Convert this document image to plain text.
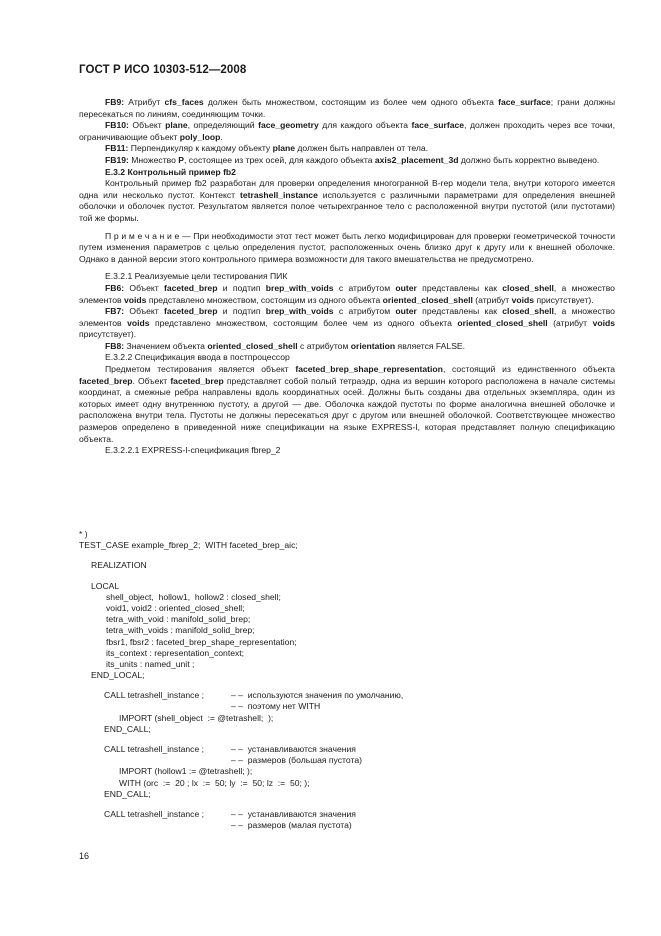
ГОСТ Р ИСО 10303-512—2008

FB9: Атрибут cfs_faces должен быть множеством, состоящим из более чем одного объекта face_surface; грани должны пересекаться по линиям, соединяющим точки.

FB10: Объект plane, определяющий face_geometry для каждого объекта face_surface, должен проходить через все точки, ограничивающие объект poly_loop.

FB11: Перпендикуляр к каждому объекту plane должен быть направлен от тела.

FB19: Множество P, состоящее из трех осей, для каждого объекта axis2_placement_3d должно быть корректно выведено.

Е.3.2 Контрольный пример fb2

Контрольный пример fb2 разработан для проверки определения многогранной B-rep модели тела, внутри которого имеется одна или несколько пустот. Контекст tetrashell_instance используется с различными параметрами для определения внешней оболочки и оболочек пустот. Результатом является полое четырехгранное тело с расположенной внутри пустотой (или пустотами) той же формы.

П р и м е ч а н и е — При необходимости этот тест может быть легко модифицирован для проверки геометрической точности путем изменения параметров с целью определения пустот, расположенных очень близко друг к другу или к внешней оболочке. Однако в данной версии этого контрольного примера возможности для такого вмешательства не предусмотрено.

Е.3.2.1 Реализуемые цели тестирования ПИК

FB6: Объект faceted_brep и подтип brep_with_voids с атрибутом outer представлены как closed_shell, а множество элементов voids представлено множеством, состоящим из одного объекта oriented_closed_shell (атрибут voids присутствует).

FB7: Объект faceted_brep и подтип brep_with_voids с атрибутом outer представлены как closed_shell, а множество элементов voids представлено множеством, состоящим более чем из одного объекта oriented_closed_shell (атрибут voids присутствует).

FB8: Значением объекта oriented_closed_shell с атрибутом orientation является FALSE.

Е.3.2.2 Спецификация ввода в постпроцессор

Предметом тестирования является объект faceted_brep_shape_representation, состоящий из единственного объекта faceted_brep. Объект faceted_brep представляет собой полый тетраэдр, одна из вершин которого расположена в начале системы координат, а смежные ребра направлены вдоль координатных осей. Должны быть созданы два отдельных экземпляра, один из которых имеет одну внутреннюю пустоту, а другой — две. Оболочка каждой пустоты по форме аналогична внешней оболочке и расположена внутри тела. Пустоты не должны пересекаться друг с другом или внешней оболочкой. Соответствующее множество размеров определено в приведенной ниже спецификации на языке EXPRESS-I, которая представляет полную спецификацию объекта.

Е.3.2.2.1 EXPRESS-I-спецификация fbrep_2

* )
TEST_CASE example_fbrep_2;  WITH faceted_brep_aic;
REALIZATION
LOCAL
shell_object,  hollow1,  hollow2 : closed_shell;
void1, void2 : oriented_closed_shell;
tetra_with_void : manifold_solid_brep;
tetra_with_voids : manifold_solid_brep;
fbsr1, fbsr2 : faceted_brep_shape_representation;
its_context : representation_context;
its_units : named_unit ;
END_LOCAL;
CALL tetrashell_instance ;	– –  используются значения по умолчанию,
– –  поэтому нет WITH
IMPORT (shell_object  := @tetrashell;  );
END_CALL;
CALL tetrashell_instance ;	– –  устанавливаются значения
– –  размеров (большая пустота)
IMPORT (hollow1 := @tetrashell; );
WITH (orc  :=  20 ; lx  :=  50; ly  :=  50; lz  :=  50; );
END_CALL;
CALL tetrashell_instance ;	– –  устанавливаются значения
– –  размеров (малая пустота)
16
